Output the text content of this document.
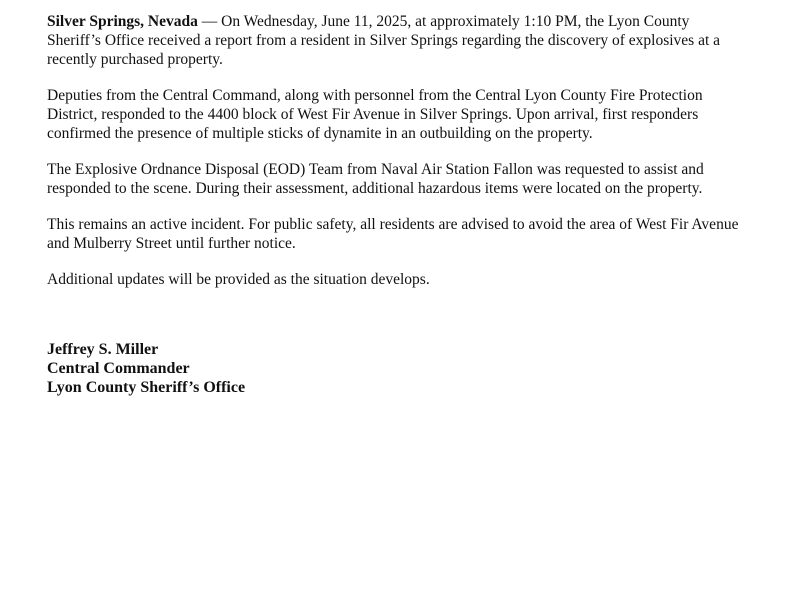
Silver Springs, Nevada — On Wednesday, June 11, 2025, at approximately 1:10 PM, the Lyon County Sheriff’s Office received a report from a resident in Silver Springs regarding the discovery of explosives at a recently purchased property.

Deputies from the Central Command, along with personnel from the Central Lyon County Fire Protection District, responded to the 4400 block of West Fir Avenue in Silver Springs. Upon arrival, first responders confirmed the presence of multiple sticks of dynamite in an outbuilding on the property.

The Explosive Ordnance Disposal (EOD) Team from Naval Air Station Fallon was requested to assist and responded to the scene. During their assessment, additional hazardous items were located on the property.

This remains an active incident. For public safety, all residents are advised to avoid the area of West Fir Avenue and Mulberry Street until further notice.

Additional updates will be provided as the situation develops.

Jeffrey S. Miller
Central Commander
Lyon County Sheriff’s Office
